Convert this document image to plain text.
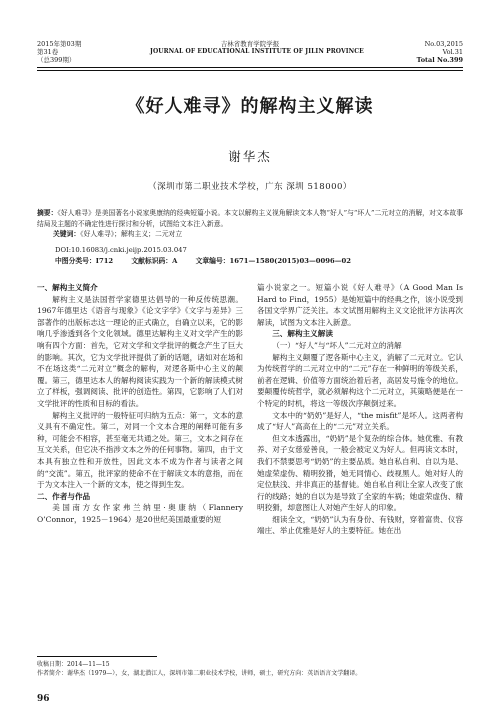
2015年第03期
第31卷
（总399期）
吉林省教育学院学报
JOURNAL OF EDUCATIONAL INSTITUTE OF JILIN PROVINCE
No.03,2015
Vol.31
Total No.399
《好人难寻》的解构主义解读
谢华杰
（深圳市第二职业技术学校，广东 深圳 518000）
摘要：《好人难寻》是美国著名小说家奥康纳的经典短篇小说。本文以解构主义视角解读文本人物“好人”与“坏人”二元对立的消解，对文本故事结局及主题的不确定性进行探讨和分析，试图给文本注入新意。
关键词：《好人难寻》；解构主义；二元对立
DOI:10.16083/j.cnki.jeijp.2015.03.047
中图分类号：I712	文献标识码：A	文章编号：1671—1580(2015)03—0096—02
一、解构主义简介

解构主义是法国哲学家德里达倡导的一种反传统思潮。1967年德里达《语音与现象》《论文字学》《文字与差异》三部著作的出版标志这一理论的正式确立，自确立以来，它的影响几乎渗透到各个文化领域。德里达解构主义对文学产生的影响有四个方面：首先，它对文学和文学批评的概念产生了巨大的影响。其次，它为文学批评提供了新的话题，诸如对在场和不在场这类“二元对立”概念的解构，对逻各斯中心主义的颠覆。第三，德里达本人的解构阅读实践为一个新的解读模式树立了样板，强调阅读、批评的创造性。第四，它影响了人们对文学批评的性质和目标的看法。

解构主义批评的一般特征可归纳为五点：第一，文本的意义具有不确定性。第二，对同一个文本合理的阐释可能有多种，可能会不相容，甚至毫无共通之处。第三，文本之间存在互文关系，但它决不指涉文本之外的任何事物。第四，由于文本具有独立性和开放性，因此文本不成为作者与读者之间的“交流”。第五，批评家的使命不在于解读文本的意指，而在于为文本注入一个新的文本，使之得到生发。

二、作者与作品

美国南方女作家弗兰纳里·奥康纳（Flannery O’Connor，1925－1964）是20世纪美国最重要的短

篇小说家之一。短篇小说《好人难寻》（A Good Man Is Hard to Find，1955）是她短篇中的经典之作，该小说受到各国文学界广泛关注。本文试图用解构主义文论批评方法再次解读，试图为文本注入新意。

三、解构主义解读
（一）“好人”与“坏人”二元对立的消解

解构主义颠覆了逻各斯中心主义，消解了二元对立。它认为传统哲学的二元对立中的“二元”存在一种鲜明的等级关系，前者在逻辑、价值等方面统治着后者，高居发号施令的地位。要颠覆传统哲学，就必须解构这个二元对立，其策略便是在一个特定的时机，将这一等级次序颠倒过来。

文本中的“奶奶”是好人，“the misfit”是坏人。这两者构成了“好人”高高在上的“二元”对立关系。

但文本透露出，“奶奶”是个复杂的综合体。她优雅、有教养、对子女慈爱善良，一般会被定义为好人。但再读文本时，我们不禁要思考“奶奶”的主要品质。她自私自利、自以为是、她虚荣虚伪、精明狡猾，她无同情心、歧视黑人。她对好人的定位肤浅、并非真正的基督徒。她自私自利让全家人改变了旅行的线路；她的自以为是导致了全家的车祸；她虚荣虚伪、精明狡猾，却意图让人对她产生好人的印象。

细读全文，“奶奶”认为有身份、有钱财，穿着富贵、仪容端庄、举止优雅是好人的主要特征。她在出

收稿日期：2014—11—15
作者简介：谢华杰（1979—），女，湖北潜江人，深圳市第二职业技术学校，讲师，硕士，研究方向：英语语言文学翻译。
96
